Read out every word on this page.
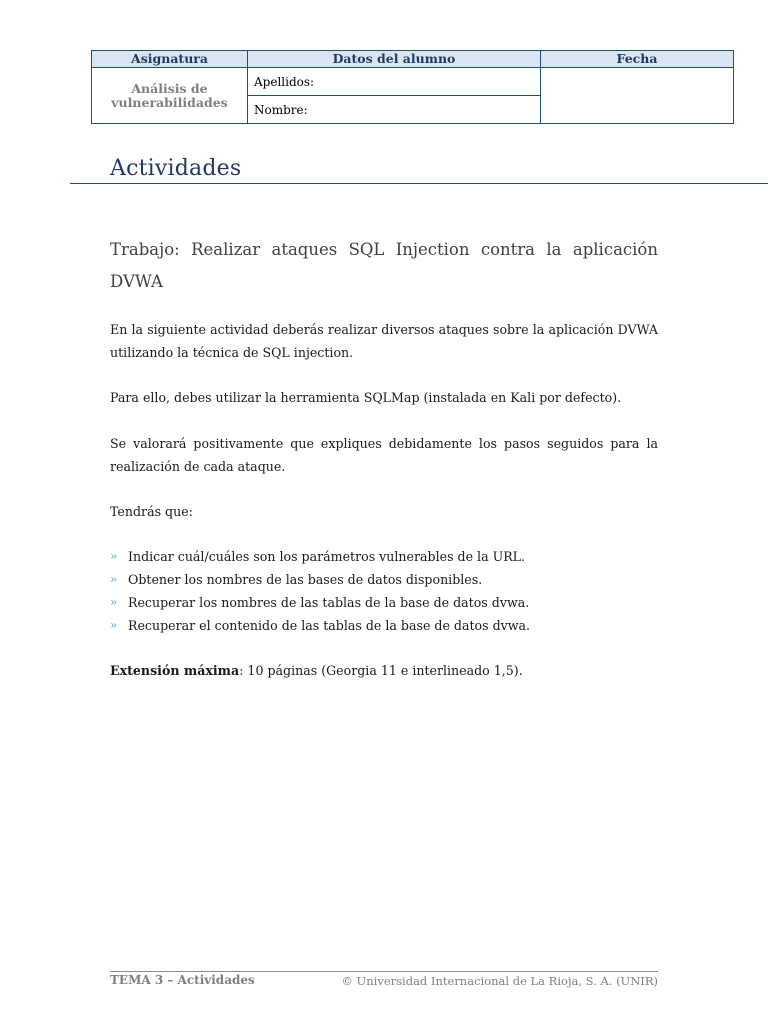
Asignatura	Datos del alumno	Fecha
Análisis de
vulnerabilidades	Apellidos:	
	Nombre:	
Actividades
Trabajo: Realizar ataques SQL Injection contra la aplicación DVWA

En la siguiente actividad deberás realizar diversos ataques sobre la aplicación DVWA utilizando la técnica de SQL injection.

Para ello, debes utilizar la herramienta SQLMap (instalada en Kali por defecto).

Se valorará positivamente que expliques debidamente los pasos seguidos para la realización de cada ataque.

Tendrás que:

» Indicar cuál/cuáles son los parámetros vulnerables de la URL.
» Obtener los nombres de las bases de datos disponibles.
» Recuperar los nombres de las tablas de la base de datos dvwa.
» Recuperar el contenido de las tablas de la base de datos dvwa.

Extensión máxima: 10 páginas (Georgia 11 e interlineado 1,5).

TEMA 3 – Actividades	© Universidad Internacional de La Rioja, S. A. (UNIR)
